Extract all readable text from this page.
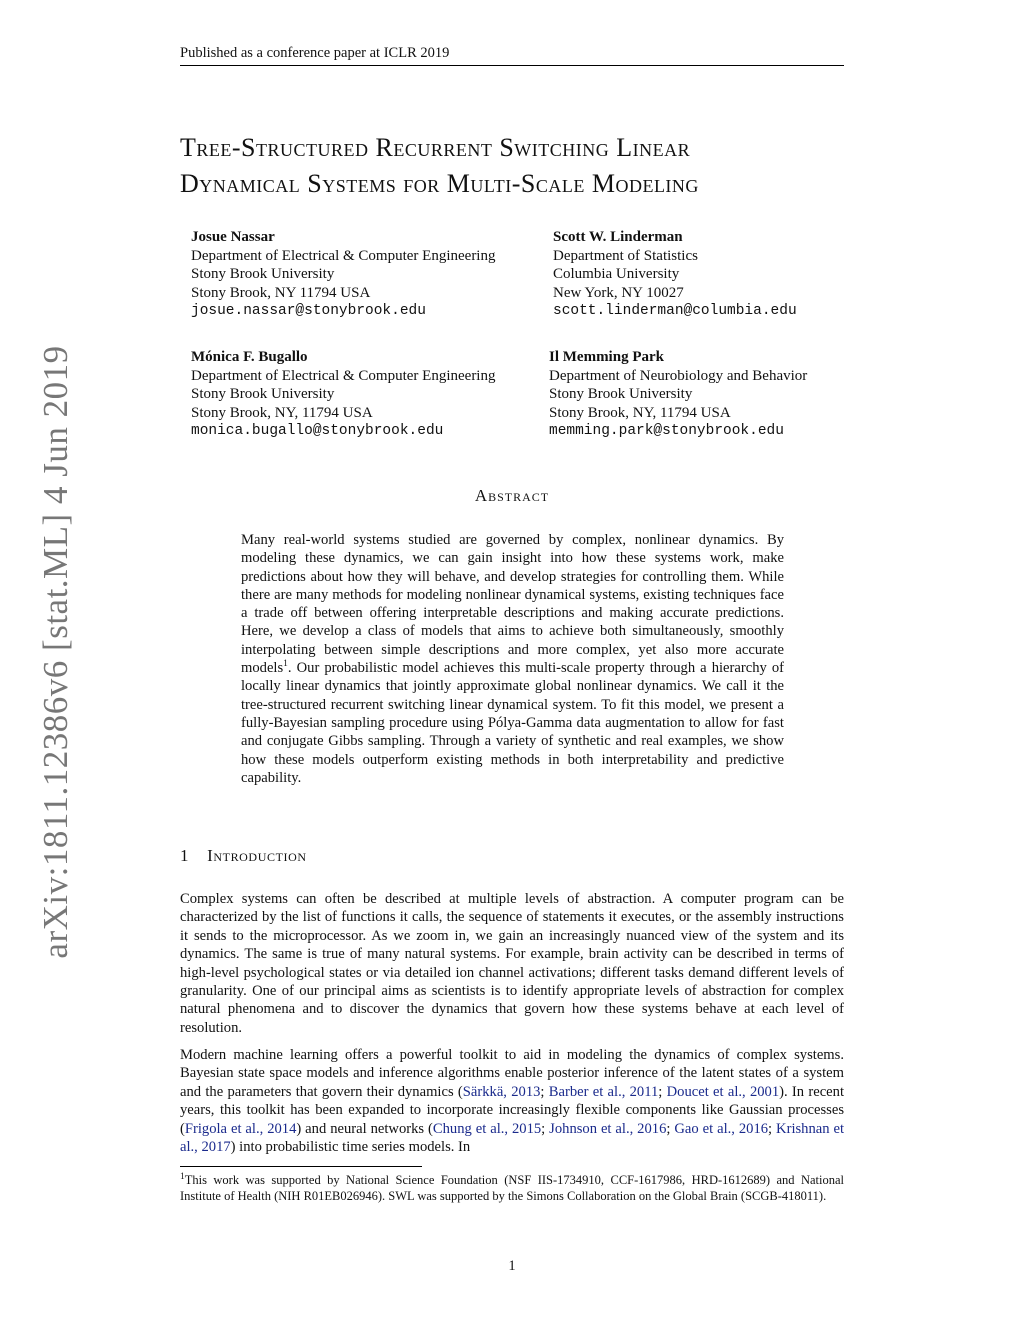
Published as a conference paper at ICLR 2019
Tree-Structured Recurrent Switching Linear
Dynamical Systems for Multi-Scale Modeling
Josue Nassar
Department of Electrical & Computer Engineering
Stony Brook University
Stony Brook, NY 11794 USA
josue.nassar@stonybrook.edu
Scott W. Linderman
Department of Statistics
Columbia University
New York, NY 10027
scott.linderman@columbia.edu
Mónica F. Bugallo
Department of Electrical & Computer Engineering
Stony Brook University
Stony Brook, NY, 11794 USA
monica.bugallo@stonybrook.edu
Il Memming Park
Department of Neurobiology and Behavior
Stony Brook University
Stony Brook, NY, 11794 USA
memming.park@stonybrook.edu
Abstract

Many real-world systems studied are governed by complex, nonlinear dynamics. By modeling these dynamics, we can gain insight into how these systems work, make predictions about how they will behave, and develop strategies for controlling them. While there are many methods for modeling nonlinear dynamical systems, existing techniques face a trade off between offering interpretable descriptions and making accurate predictions. Here, we develop a class of models that aims to achieve both simultaneously, smoothly interpolating between simple descriptions and more complex, yet also more accurate models$^1$. Our probabilistic model achieves this multi-scale property through a hierarchy of locally linear dynamics that jointly approximate global nonlinear dynamics. We call it the tree-structured recurrent switching linear dynamical system. To fit this model, we present a fully-Bayesian sampling procedure using Pólya-Gamma data augmentation to allow for fast and conjugate Gibbs sampling. Through a variety of synthetic and real examples, we show how these models outperform existing methods in both interpretability and predictive capability.

1 Introduction

Complex systems can often be described at multiple levels of abstraction. A computer program can be characterized by the list of functions it calls, the sequence of statements it executes, or the assembly instructions it sends to the microprocessor. As we zoom in, we gain an increasingly nuanced view of the system and its dynamics. The same is true of many natural systems. For example, brain activity can be described in terms of high-level psychological states or via detailed ion channel activations; different tasks demand different levels of granularity. One of our principal aims as scientists is to identify appropriate levels of abstraction for complex natural phenomena and to discover the dynamics that govern how these systems behave at each level of resolution.

Modern machine learning offers a powerful toolkit to aid in modeling the dynamics of complex systems. Bayesian state space models and inference algorithms enable posterior inference of the latent states of a system and the parameters that govern their dynamics (Särkkä, 2013; Barber et al., 2011; Doucet et al., 2001). In recent years, this toolkit has been expanded to incorporate increasingly flexible components like Gaussian processes (Frigola et al., 2014) and neural networks (Chung et al., 2015; Johnson et al., 2016; Gao et al., 2016; Krishnan et al., 2017) into probabilistic time series models. In

$^1$This work was supported by National Science Foundation (NSF IIS-1734910, CCF-1617986, HRD-1612689) and National Institute of Health (NIH R01EB026946). SWL was supported by the Simons Collaboration on the Global Brain (SCGB-418011).
1
arXiv:1811.12386v6 [stat.ML] 4 Jun 2019
